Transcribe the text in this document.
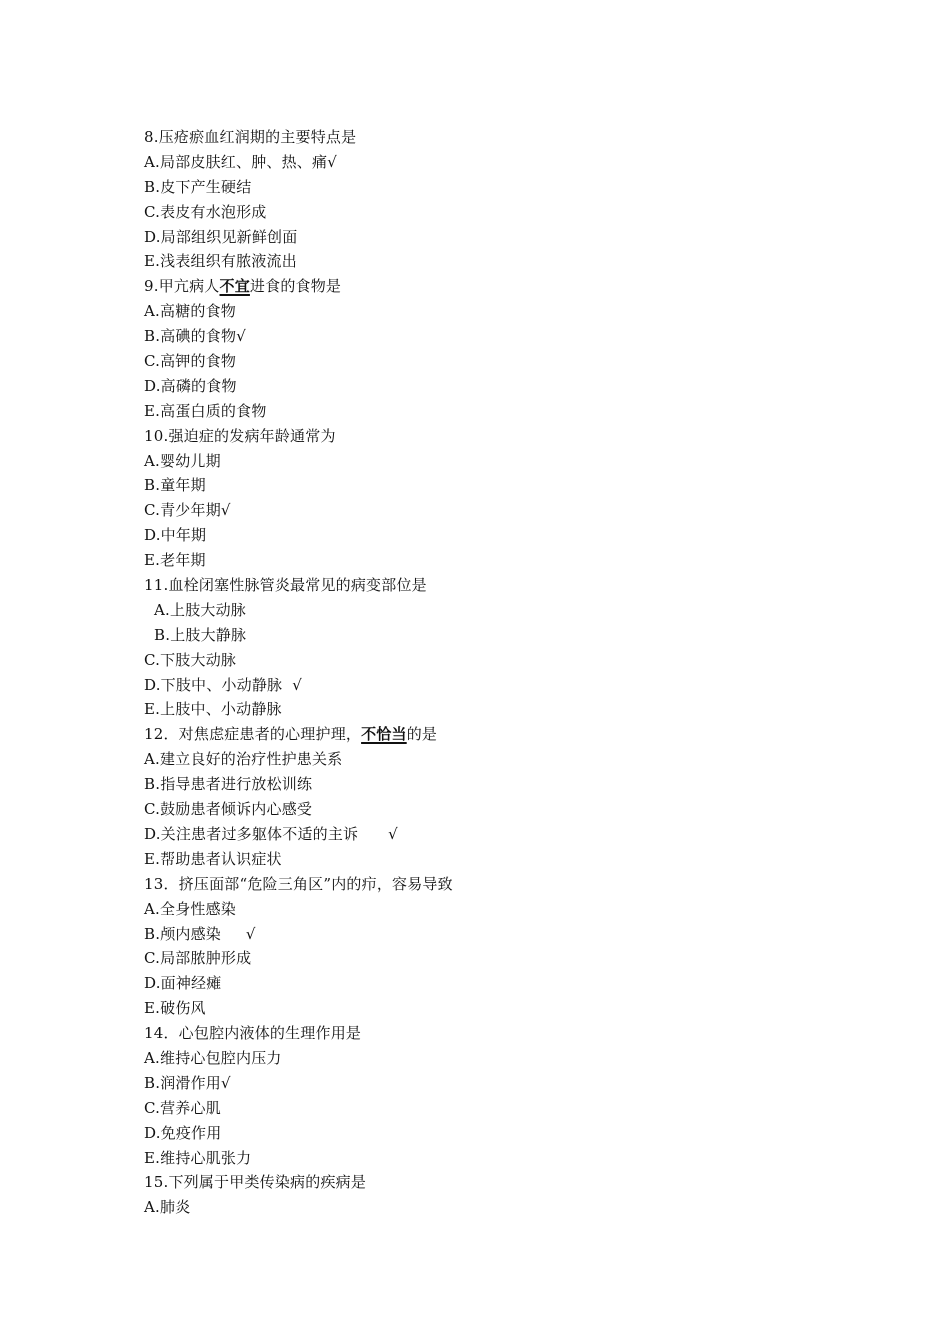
8.压疮瘀血红润期的主要特点是
A.局部皮肤红、肿、热、痛√
B.皮下产生硬结
C.表皮有水泡形成
D.局部组织见新鲜创面
E.浅表组织有脓液流出
9.甲亢病人不宜进食的食物是
A.高糖的食物
B.高碘的食物√
C.高钾的食物
D.高磷的食物
E.高蛋白质的食物
10.强迫症的发病年龄通常为
A.婴幼儿期
B.童年期
C.青少年期√
D.中年期
E.老年期
11.血栓闭塞性脉管炎最常见的病变部位是
A.上肢大动脉
B.上肢大静脉
C.下肢大动脉
D.下肢中、小动静脉  √
E.上肢中、小动静脉
12．对焦虑症患者的心理护理，不恰当的是
A.建立良好的治疗性护患关系
B.指导患者进行放松训练
C.鼓励患者倾诉内心感受
D.关注患者过多躯体不适的主诉      √
E.帮助患者认识症状
13．挤压面部“危险三角区”内的疖，容易导致
A.全身性感染
B.颅内感染     √
C.局部脓肿形成
D.面神经瘫
E.破伤风
14．心包腔内液体的生理作用是
A.维持心包腔内压力
B.润滑作用√
C.营养心肌
D.免疫作用
E.维持心肌张力
15.下列属于甲类传染病的疾病是
A.肺炎
